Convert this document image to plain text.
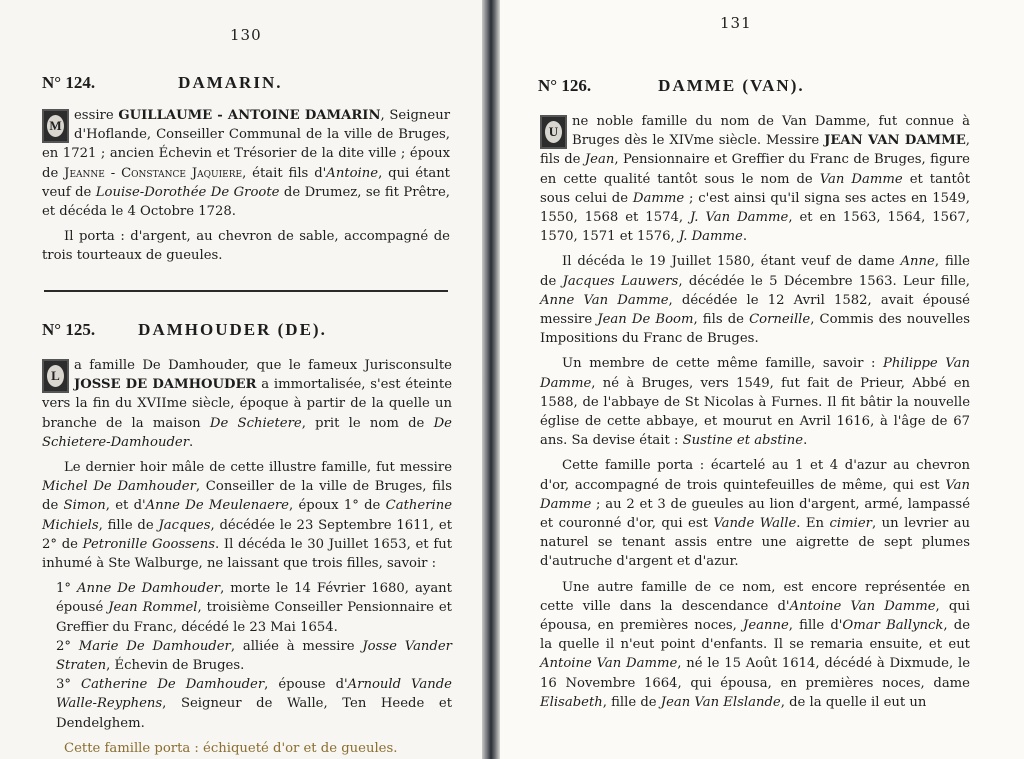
130
N° 124.	DAMARIN.

M
essire GUILLAUME - ANTOINE DAMARIN, Seigneur d'Hoflande, Conseiller Communal de la ville de Bruges, en 1721 ; ancien Échevin et Trésorier de la dite ville ; époux de Jeanne - Constance Jaquiere, était fils d'Antoine, qui étant veuf de Louise-Dorothée De Groote de Drumez, se fit Prêtre, et décéda le 4 Octobre 1728.

Il porta : d'argent, au chevron de sable, accompagné de trois tourteaux de gueules.

N° 125.	DAMHOUDER (DE).

L
a famille De Damhouder, que le fameux Jurisconsulte JOSSE DE DAMHOUDER a immortalisée, s'est éteinte vers la fin du XVIIme siècle, époque à partir de la quelle un branche de la maison De Schietere, prit le nom de De Schietere-Damhouder.

Le dernier hoir mâle de cette illustre famille, fut messire Michel De Damhouder, Conseiller de la ville de Bruges, fils de Simon, et d'Anne De Meulenaere, époux 1° de Catherine Michiels, fille de Jacques, décédée le 23 Septembre 1611, et 2° de Petronille Goossens. Il décéda le 30 Juillet 1653, et fut inhumé à Ste Walburge, ne laissant que trois filles, savoir :

1° Anne De Damhouder, morte le 14 Février 1680, ayant épousé Jean Rommel, troisième Conseiller Pensionnaire et Greffier du Franc, décédé le 23 Mai 1654.

2° Marie De Damhouder, alliée à messire Josse Vander Straten, Échevin de Bruges.

3° Catherine De Damhouder, épouse d'Arnould Vande Walle-Reyphens, Seigneur de Walle, Ten Heede et Dendelghem.

Cette famille porta : échiqueté d'or et de gueules.

131
N° 126.	DAMME (VAN).

U
ne noble famille du nom de Van Damme, fut connue à Bruges dès le XIVme siècle. Messire JEAN VAN DAMME, fils de Jean, Pensionnaire et Greffier du Franc de Bruges, figure en cette qualité tantôt sous le nom de Van Damme et tantôt sous celui de Damme ; c'est ainsi qu'il signa ses actes en 1549, 1550, 1568 et 1574, J. Van Damme, et en 1563, 1564, 1567, 1570, 1571 et 1576, J. Damme.

Il décéda le 19 Juillet 1580, étant veuf de dame Anne, fille de Jacques Lauwers, décédée le 5 Décembre 1563. Leur fille, Anne Van Damme, décédée le 12 Avril 1582, avait épousé messire Jean De Boom, fils de Corneille, Commis des nouvelles Impositions du Franc de Bruges.

Un membre de cette même famille, savoir : Philippe Van Damme, né à Bruges, vers 1549, fut fait de Prieur, Abbé en 1588, de l'abbaye de St Nicolas à Furnes. Il fit bâtir la nouvelle église de cette abbaye, et mourut en Avril 1616, à l'âge de 67 ans. Sa devise était : Sustine et abstine.

Cette famille porta : écartelé au 1 et 4 d'azur au chevron d'or, accompagné de trois quintefeuilles de même, qui est Van Damme ; au 2 et 3 de gueules au lion d'argent, armé, lampassé et couronné d'or, qui est Vande Walle. En cimier, un levrier au naturel se tenant assis entre une aigrette de sept plumes d'autruche d'argent et d'azur.

Une autre famille de ce nom, est encore représentée en cette ville dans la descendance d'Antoine Van Damme, qui épousa, en premières noces, Jeanne, fille d'Omar Ballynck, de la quelle il n'eut point d'enfants. Il se remaria ensuite, et eut Antoine Van Damme, né le 15 Août 1614, décédé à Dixmude, le 16 Novembre 1664, qui épousa, en premières noces, dame Elisabeth, fille de Jean Van Elslande, de la quelle il eut un
